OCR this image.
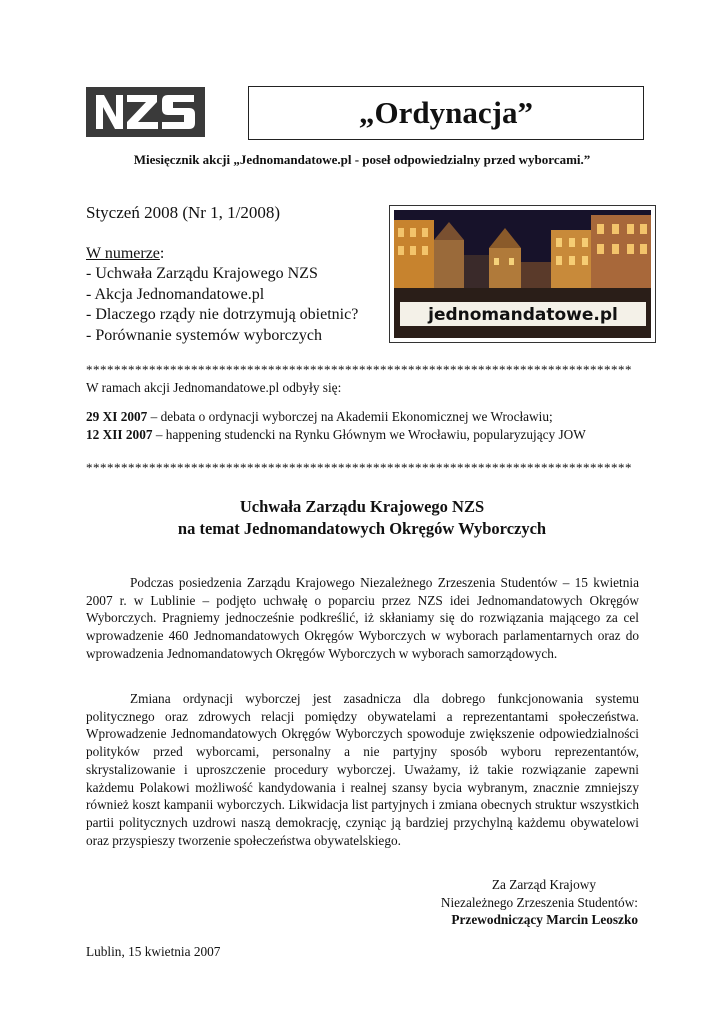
„Ordynacja”
Miesięcznik akcji „Jednomandatowe.pl - poseł odpowiedzialny przed wyborcami.”
Styczeń 2008 (Nr 1, 1/2008)
W numerze:
- Uchwała Zarządu Krajowego NZS
- Akcja Jednomandatowe.pl
- Dlaczego rządy nie dotrzymują obietnic?
- Porównanie systemów wyborczych
jednomandatowe.pl
******************************************************************************
W ramach akcji Jednomandatowe.pl odbyły się:
29 XI 2007 – debata o ordynacji wyborczej na Akademii Ekonomicznej we Wrocławiu;
12 XII 2007 – happening studencki na Rynku Głównym we Wrocławiu, popularyzujący JOW
******************************************************************************
Uchwała Zarządu Krajowego NZS
na temat Jednomandatowych Okręgów Wyborczych

Podczas posiedzenia Zarządu Krajowego Niezależnego Zrzeszenia Studentów – 15 kwietnia 2007 r. w Lublinie – podjęto uchwałę o poparciu przez NZS idei Jednomandatowych Okręgów Wyborczych. Pragniemy jednocześnie podkreślić, iż skłaniamy się do rozwiązania mającego za cel wprowadzenie 460 Jednomandatowych Okręgów Wyborczych w wyborach parlamentarnych oraz do wprowadzenia Jednomandatowych Okręgów Wyborczych w wyborach samorządowych.

Zmiana ordynacji wyborczej jest zasadnicza dla dobrego funkcjonowania systemu politycznego oraz zdrowych relacji pomiędzy obywatelami a reprezentantami społeczeństwa. Wprowadzenie Jednomandatowych Okręgów Wyborczych spowoduje zwiększenie odpowiedzialności polityków przed wyborcami, personalny a nie partyjny sposób wyboru reprezentantów, skrystalizowanie i uproszczenie procedury wyborczej. Uważamy, iż takie rozwiązanie zapewni każdemu Polakowi możliwość kandydowania i realnej szansy bycia wybranym, znacznie zmniejszy również koszt kampanii wyborczych. Likwidacja list partyjnych i zmiana obecnych struktur wszystkich partii politycznych uzdrowi naszą demokrację, czyniąc ją bardziej przychylną każdemu obywatelowi oraz przyspieszy tworzenie społeczeństwa obywatelskiego.

Za Zarząd Krajowy
Niezależnego Zrzeszenia Studentów:
Przewodniczący Marcin Leoszko
Lublin, 15 kwietnia 2007
